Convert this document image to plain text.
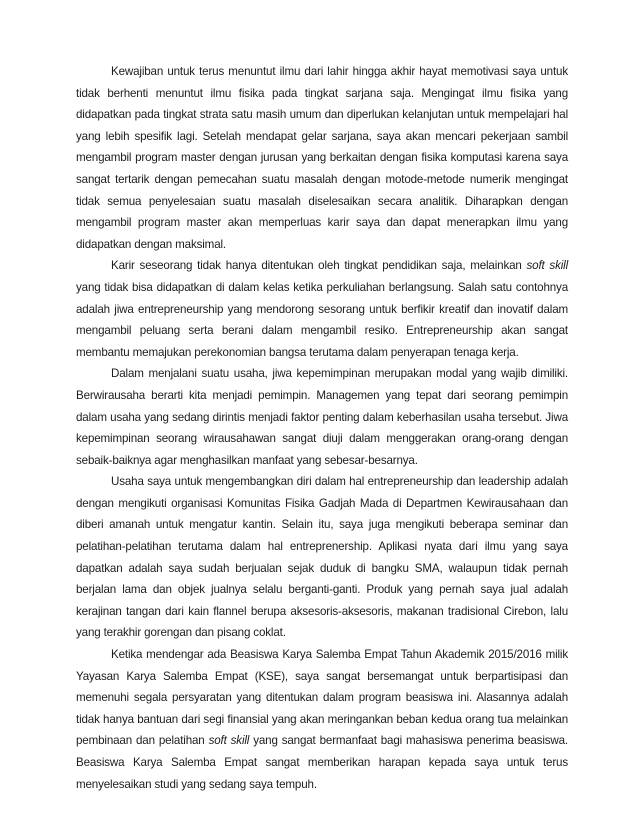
Kewajiban untuk terus menuntut ilmu dari lahir hingga akhir hayat memotivasi saya untuk tidak berhenti menuntut ilmu fisika pada tingkat sarjana saja. Mengingat ilmu fisika yang didapatkan pada tingkat strata satu masih umum dan diperlukan kelanjutan untuk mempelajari hal yang lebih spesifik lagi. Setelah mendapat gelar sarjana, saya akan mencari pekerjaan sambil mengambil program master dengan jurusan yang berkaitan dengan fisika komputasi karena saya sangat tertarik dengan pemecahan suatu masalah dengan motode-metode numerik mengingat tidak semua penyelesaian suatu masalah diselesaikan secara analitik. Diharapkan dengan mengambil program master akan memperluas karir saya dan dapat menerapkan ilmu yang didapatkan dengan maksimal.

Karir seseorang tidak hanya ditentukan oleh tingkat pendidikan saja, melainkan soft skill yang tidak bisa didapatkan di dalam kelas ketika perkuliahan berlangsung. Salah satu contohnya adalah jiwa entrepreneurship yang mendorong sesorang untuk berfikir kreatif dan inovatif dalam mengambil peluang serta berani dalam mengambil resiko. Entrepreneurship akan sangat membantu memajukan perekonomian bangsa terutama dalam penyerapan tenaga kerja.

Dalam menjalani suatu usaha, jiwa kepemimpinan merupakan modal yang wajib dimiliki. Berwirausaha berarti kita menjadi pemimpin. Managemen yang tepat dari seorang pemimpin dalam usaha yang sedang dirintis menjadi faktor penting dalam keberhasilan usaha tersebut. Jiwa kepemimpinan seorang wirausahawan sangat diuji dalam menggerakan orang-orang dengan sebaik-baiknya agar menghasilkan manfaat yang sebesar-besarnya.

Usaha saya untuk mengembangkan diri dalam hal entrepreneurship dan leadership adalah dengan mengikuti organisasi Komunitas Fisika Gadjah Mada di Departmen Kewirausahaan dan diberi amanah untuk mengatur kantin. Selain itu, saya juga mengikuti beberapa seminar dan pelatihan-pelatihan terutama dalam hal entreprenership. Aplikasi nyata dari ilmu yang saya dapatkan adalah saya sudah berjualan sejak duduk di bangku SMA, walaupun tidak pernah berjalan lama dan objek jualnya selalu berganti-ganti. Produk yang pernah saya jual adalah kerajinan tangan dari kain flannel berupa aksesoris-aksesoris, makanan tradisional Cirebon, lalu yang terakhir gorengan dan pisang coklat.

Ketika mendengar ada Beasiswa Karya Salemba Empat Tahun Akademik 2015/2016 milik Yayasan Karya Salemba Empat (KSE), saya sangat bersemangat untuk berpartisipasi dan memenuhi segala persyaratan yang ditentukan dalam program beasiswa ini. Alasannya adalah tidak hanya bantuan dari segi finansial yang akan meringankan beban kedua orang tua melainkan pembinaan dan pelatihan soft skill yang sangat bermanfaat bagi mahasiswa penerima beasiswa. Beasiswa Karya Salemba Empat sangat memberikan harapan kepada saya untuk terus menyelesaikan studi yang sedang saya tempuh.
